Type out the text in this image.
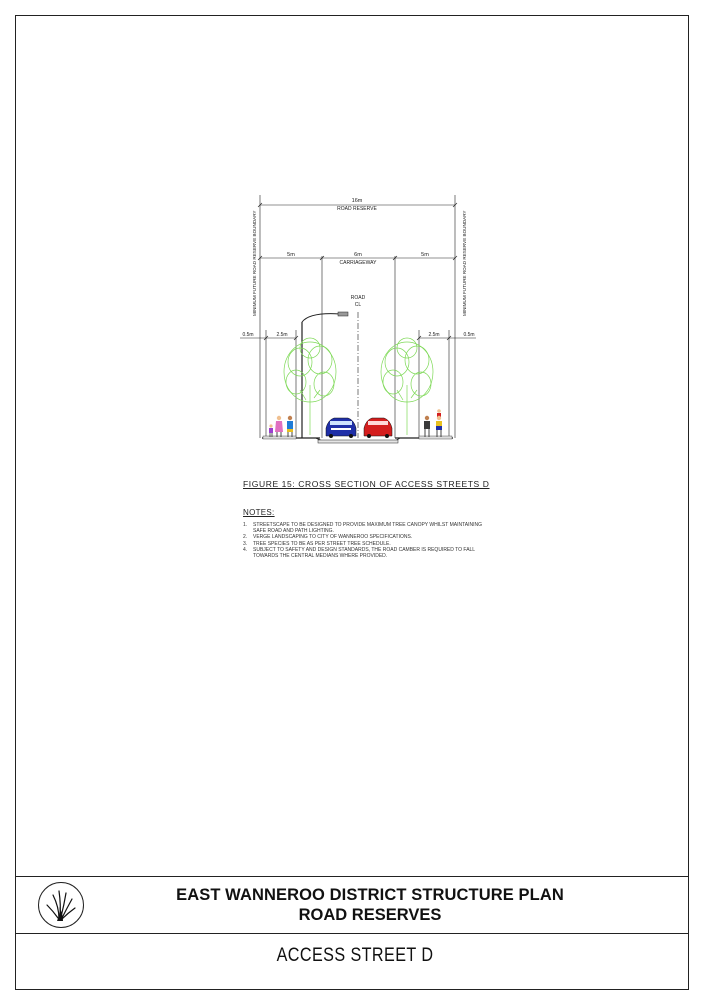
16m
ROAD RESERVE
5m	6m
CARRIAGEWAY
5m
ROAD
CL
0.5m	2.5m	2.5m	0.5m
MINIMUM FUTURE ROAD RESERVE BOUNDARY	MINIMUM FUTURE ROAD RESERVE BOUNDARY
FIGURE 15: CROSS SECTION OF ACCESS STREETS D
NOTES:
1.	STREETSCAPE TO BE DESIGNED TO PROVIDE MAXIMUM TREE CANOPY WHILST MAINTAINING SAFE ROAD AND PATH LIGHTING.
2.	VERGE LANDSCAPING TO CITY OF WANNEROO SPECIFICATIONS.
3.	TREE SPECIES TO BE AS PER STREET TREE SCHEDULE.
4.	SUBJECT TO SAFETY AND DESIGN STANDARDS, THE ROAD CAMBER IS REQUIRED TO FALL TOWARDS THE CENTRAL MEDIANS WHERE PROVIDED.
EAST WANNEROO DISTRICT STRUCTURE PLAN
ROAD RESERVES
ACCESS STREET D
